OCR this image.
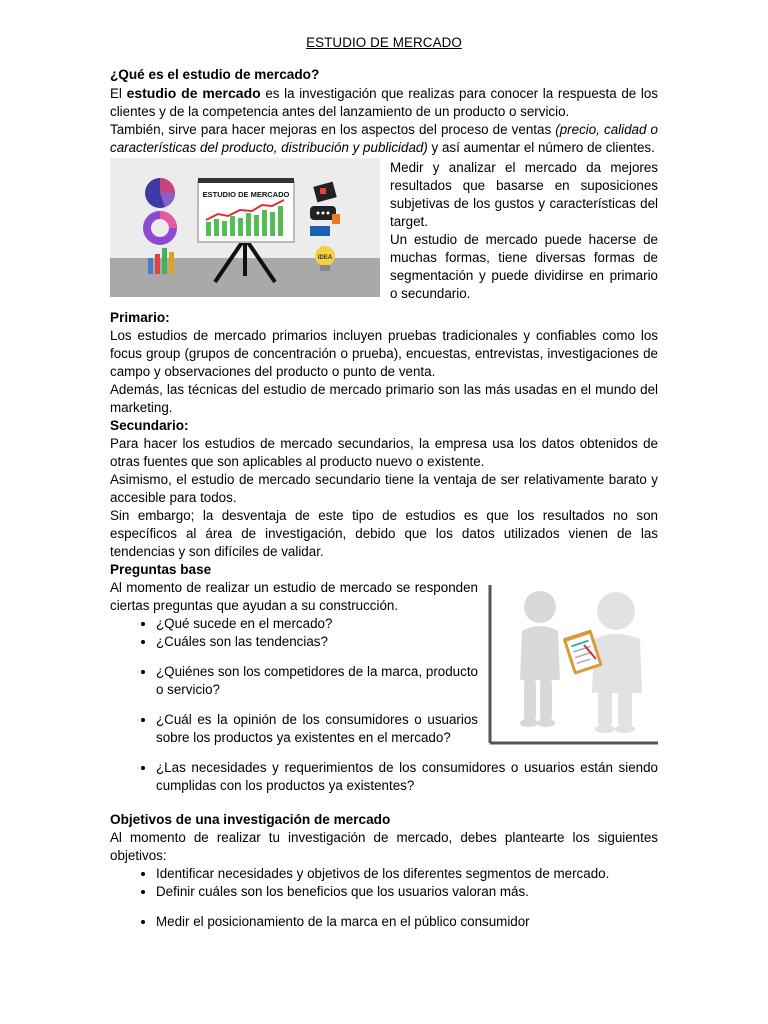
ESTUDIO DE MERCADO
¿Qué es el estudio de mercado?

El estudio de mercado es la investigación que realizas para conocer la respuesta de los clientes y de la competencia antes del lanzamiento de un producto o servicio.

También, sirve para hacer mejoras en los aspectos del proceso de ventas (precio, calidad o características del producto, distribución y publicidad) y así aumentar el número de clientes.

ESTUDIO DE MERCADO
IDEA

Medir y analizar el mercado da mejores resultados que basarse en suposiciones subjetivas de los gustos y características del target.

Un estudio de mercado puede hacerse de muchas formas, tiene diversas formas de segmentación y puede dividirse en primario o secundario.

Primario:

Los estudios de mercado primarios incluyen pruebas tradicionales y confiables como los focus group (grupos de concentración o prueba), encuestas, entrevistas, investigaciones de campo y observaciones del producto o punto de venta.

Además, las técnicas del estudio de mercado primario son las más usadas en el mundo del marketing.

Secundario:

Para hacer los estudios de mercado secundarios, la empresa usa los datos obtenidos de otras fuentes que son aplicables al producto nuevo o existente.

Asimismo, el estudio de mercado secundario tiene la ventaja de ser relativamente barato y accesible para todos.

Sin embargo; la desventaja de este tipo de estudios es que los resultados no son específicos al área de investigación, debido que los datos utilizados vienen de las tendencias y son difíciles de validar.

Preguntas base

Al momento de realizar un estudio de mercado se responden ciertas preguntas que ayudan a su construcción.

• ¿Qué sucede en el mercado?
• ¿Cuáles son las tendencias?
• ¿Quiénes son los competidores de la marca, producto o servicio?
• ¿Cuál es la opinión de los consumidores o usuarios sobre los productos ya existentes en el mercado?
• ¿Las necesidades y requerimientos de los consumidores o usuarios están siendo cumplidas con los productos ya existentes?
Objetivos de una investigación de mercado

Al momento de realizar tu investigación de mercado, debes plantearte los siguientes objetivos:

• Identificar necesidades y objetivos de los diferentes segmentos de mercado.
• Definir cuáles son los beneficios que los usuarios valoran más.
• Medir el posicionamiento de la marca en el público consumidor
